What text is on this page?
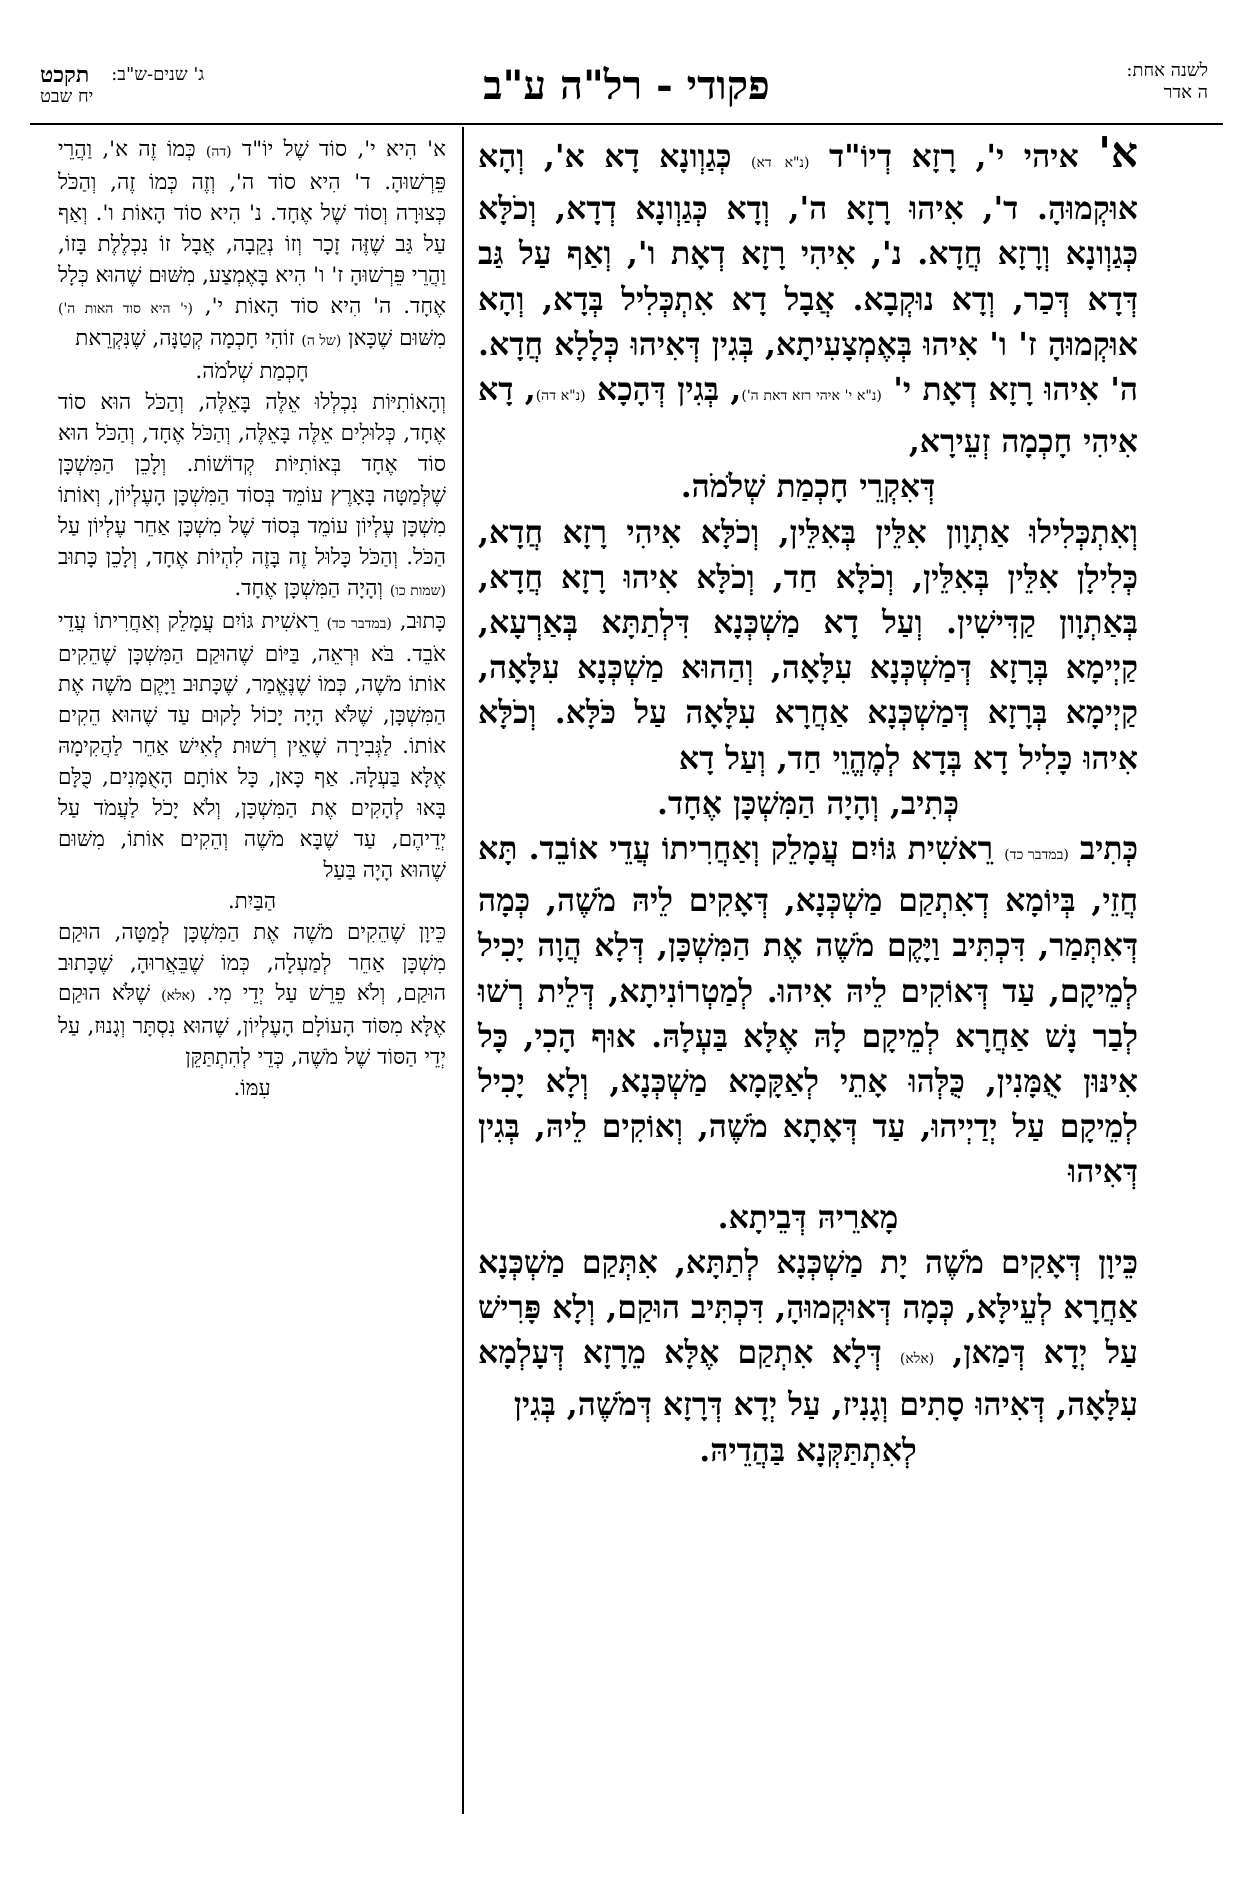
לשנה אחת:
ה אדר
פקודי - רל"ה ע"ב
ג' שנים-ש"ב:
תקכט
יח שבט

א' איהי י', רָזָא דְיוֹ"ד (נ"א דא) כְּגַוְונָא דָא א', וְהָא אוּקְמוּהָ. ד', אִיהוּ רָזָא ה', וְדָא כְּגַוְונָא דְדָא, וְכֹלָּא כְּגַוְונָא וְרָזָא חֲדָא. נ', אִיהִי רָזָא דְאָת ו', וְאַף עַל גַּב דְּדָא דְּכַר, וְדָא נוּקְבָא. אֲבָל דָא אִתְכְּלִיל בְּדָא, וְהָא אוּקְמוּהָ ז' ו' אִיהוּ בְּאֶמְצָעִיתָא, בְּגִין דְּאִיהוּ כְּלָלָא חֲדָא. ה' אִיהוּ רָזָא דְאָת י' (נ"א י' איהי רזא דאת ה'), בְּגִין דְּהָכָא (נ"א דה), דָא אִיהִי חָכְמָה זְעֵירָא,

דְּאִקְרֵי חָכְמַת שְׁלֹמֹה.

וְאִתְכְּלִילוּ אַתְוָון אִלֵּין בְּאִלֵּין, וְכֹלָּא אִיהִי רָזָא חֲדָא, כְּלִילָן אִלֵּין בְּאִלֵּין, וְכֹלָּא חַד, וְכֹלָּא אִיהוּ רָזָא חֲדָא, בְּאַתְוָון קַדִּישִׁין. וְעַל דָא מַשְׁכְּנָא דִּלְתַתָּא בְּאַרְעָא, קַיְימָא בְּרָזָא דְּמַשְׁכְּנָא עִלָּאָה, וְהַהוּא מַשְׁכְּנָא עִלָּאָה, קַיְימָא בְּרָזָא דְּמַשְׁכְּנָא אַחֲרָא עִלָּאָה עַל כֹּלָּא. וְכֹלָּא אִיהוּ כָּלִיל דָא בְּדָא לְמֶהֱוֵי חַד, וְעַל דָא

כְּתִיב, וְהָיָה הַמִּשְׁכָּן אֶחָד.

כְּתִיב (במדבר כד) רֵאשִׁית גּוֹיִם עֲמָלֵק וְאַחֲרִיתוֹ עֲדֵי אוֹבֵד. תָּא חֲזֵי, בְּיוֹמָא דְאִתְקַם מַשְׁכְּנָא, דְּאָקִים לֵיהּ מֹשֶׁה, כְּמָה דְּאִתְּמַר, דִּכְתִּיב וַיָּקֶם מֹשֶׁה אֶת הַמִּשְׁכָּן, דְּלָא הֲוָה יָכִיל לְמֵיקָם, עַד דְּאוֹקִים לֵיהּ אִיהוּ. לְמַטְרוֹנִיתָא, דְּלֵית רְשׁוּ לְבַר נָשׁ אַחֲרָא לְמֵיקָם לָהּ אֶלָּא בַּעְלָהּ. אוּף הָכִי, כָּל אִינּוּן אֻמָּנִין, כֻּלְּהוּ אָתֵי לְאַקָּמָא מַשְׁכְּנָא, וְלָא יָכִיל לְמֵיקָם עַל יְדַיְיהוּ, עַד דְּאָתָא מֹשֶׁה, וְאוֹקִים לֵיהּ, בְּגִין דְּאִיהוּ

מָארֵיהּ דְּבֵיתָא.

כֵּיוָן דְּאָקִים מֹשֶׁה יָת מַשְׁכְּנָא לְתַתָּא, אִתְּקַם מַשְׁכְּנָא אַחֲרָא לְעֵילָּא, כְּמָה דְּאוּקְמוּהָ, דִּכְתִּיב הוּקַם, וְלָא פָּרִישׁ עַל יְדָא דְּמַאן, (אלא) דְּלָא אִתְקַם אֶלָּא מֵרָזָא דְּעָלְמָא עִלָּאָה, דְּאִיהוּ סָתִים וְגָנִיז, עַל יְדָא דְּרָזָא דְּמֹשֶׁה, בְּגִין

לְאִתְתַּקְּנָא בַּהֲדֵיהּ.

א' הִיא י', סוֹד שֶׁל יוֹ"ד (דה) כְּמוֹ זֶה א', וַהֲרֵי פֵּרְשׁוּהָ. ד' הִיא סוֹד ה', וְזֶה כְּמוֹ זֶה, וְהַכֹּל כְּצוּרָה וְסוֹד שֶׁל אֶחָד. נ' הִיא סוֹד הָאוֹת ו'. וְאַף עַל גַּב שֶׁזֶּה זָכָר וְזוֹ נְקֵבָה, אֲבָל זוֹ נִכְלֶלֶת בָּזוֹ, וַהֲרֵי פֵּרְשׁוּהָ ז' ו' הִיא בָּאֶמְצַע, מִשּׁוּם שֶׁהוּא כְּלָל אֶחָד. ה' הִיא סוֹד הָאוֹת י', (י' היא סוד האות ה') מִשּׁוּם שֶׁכָּאן (של ה) זוֹהִי חָכְמָה קְטַנָּה, שֶׁנִּקְרֵאת

חָכְמַת שְׁלֹמֹה.

וְהָאוֹתִיּוֹת נִכְלְלוּ אֵלֶּה בָּאֵלֶּה, וְהַכֹּל הוּא סוֹד אֶחָד, כְּלוּלִים אֵלֶּה בָּאֵלֶּה, וְהַכֹּל אֶחָד, וְהַכֹּל הוּא סוֹד אֶחָד בְּאוֹתִיּוֹת קְדוֹשׁוֹת. וְלָכֵן הַמִּשְׁכָּן שֶׁלְּמַטָּה בָּאָרֶץ עוֹמֵד בְּסוֹד הַמִּשְׁכָּן הָעֶלְיוֹן, וְאוֹתוֹ מִשְׁכָּן עֶלְיוֹן עוֹמֵד בְּסוֹד שֶׁל מִשְׁכָּן אַחֵר עֶלְיוֹן עַל הַכֹּל. וְהַכֹּל כָּלוּל זֶה בָּזֶה לִהְיוֹת אֶחָד, וְלָכֵן כָּתוּב (שמות כו) וְהָיָה הַמִּשְׁכָּן אֶחָד.

כָּתוּב, (במדבר כד) רֵאשִׁית גּוֹיִם עֲמָלֵק וְאַחֲרִיתוֹ עֲדֵי אֹבֵד. בֹּא וּרְאֵה, בַּיּוֹם שֶׁהוּקַם הַמִּשְׁכָּן שֶׁהֵקִים אוֹתוֹ מֹשֶׁה, כְּמוֹ שֶׁנֶּאֱמַר, שֶׁכָּתוּב וַיָּקֶם מֹשֶׁה אֶת הַמִּשְׁכָּן, שֶׁלֹּא הָיָה יָכוֹל לָקוּם עַד שֶׁהוּא הֵקִים אוֹתוֹ. לַגְּבִירָה שֶׁאֵין רְשׁוּת לְאִישׁ אַחֵר לַהֲקִימָהּ אֶלָּא בַּעְלָהּ. אַף כָּאן, כָּל אוֹתָם הָאֻמָּנִים, כֻּלָּם בָּאוּ לְהָקִים אֶת הַמִּשְׁכָּן, וְלֹא יָכֹל לַעֲמֹד עַל יְדֵיהֶם, עַד שֶׁבָּא מֹשֶׁה וְהֵקִים אוֹתוֹ, מִשּׁוּם שֶׁהוּא הָיָה בַּעַל

הַבַּיִת.

כֵּיוָן שֶׁהֵקִים מֹשֶׁה אֶת הַמִּשְׁכָּן לְמַטָּה, הוּקַם מִשְׁכָּן אַחֵר לְמַעְלָה, כְּמוֹ שֶׁבֵּאֲרוּהָ, שֶׁכָּתוּב הוּקַם, וְלֹא פֵרֵשׁ עַל יְדֵי מִי. (אלא) שֶׁלֹּא הוּקַם אֶלָּא מִסּוֹד הָעוֹלָם הָעֶלְיוֹן, שֶׁהוּא נִסְתָּר וְגָנוּז, עַל יְדֵי הַסּוֹד שֶׁל מֹשֶׁה, כְּדֵי לְהִתְתַּקֵּן

עִמּוֹ.
